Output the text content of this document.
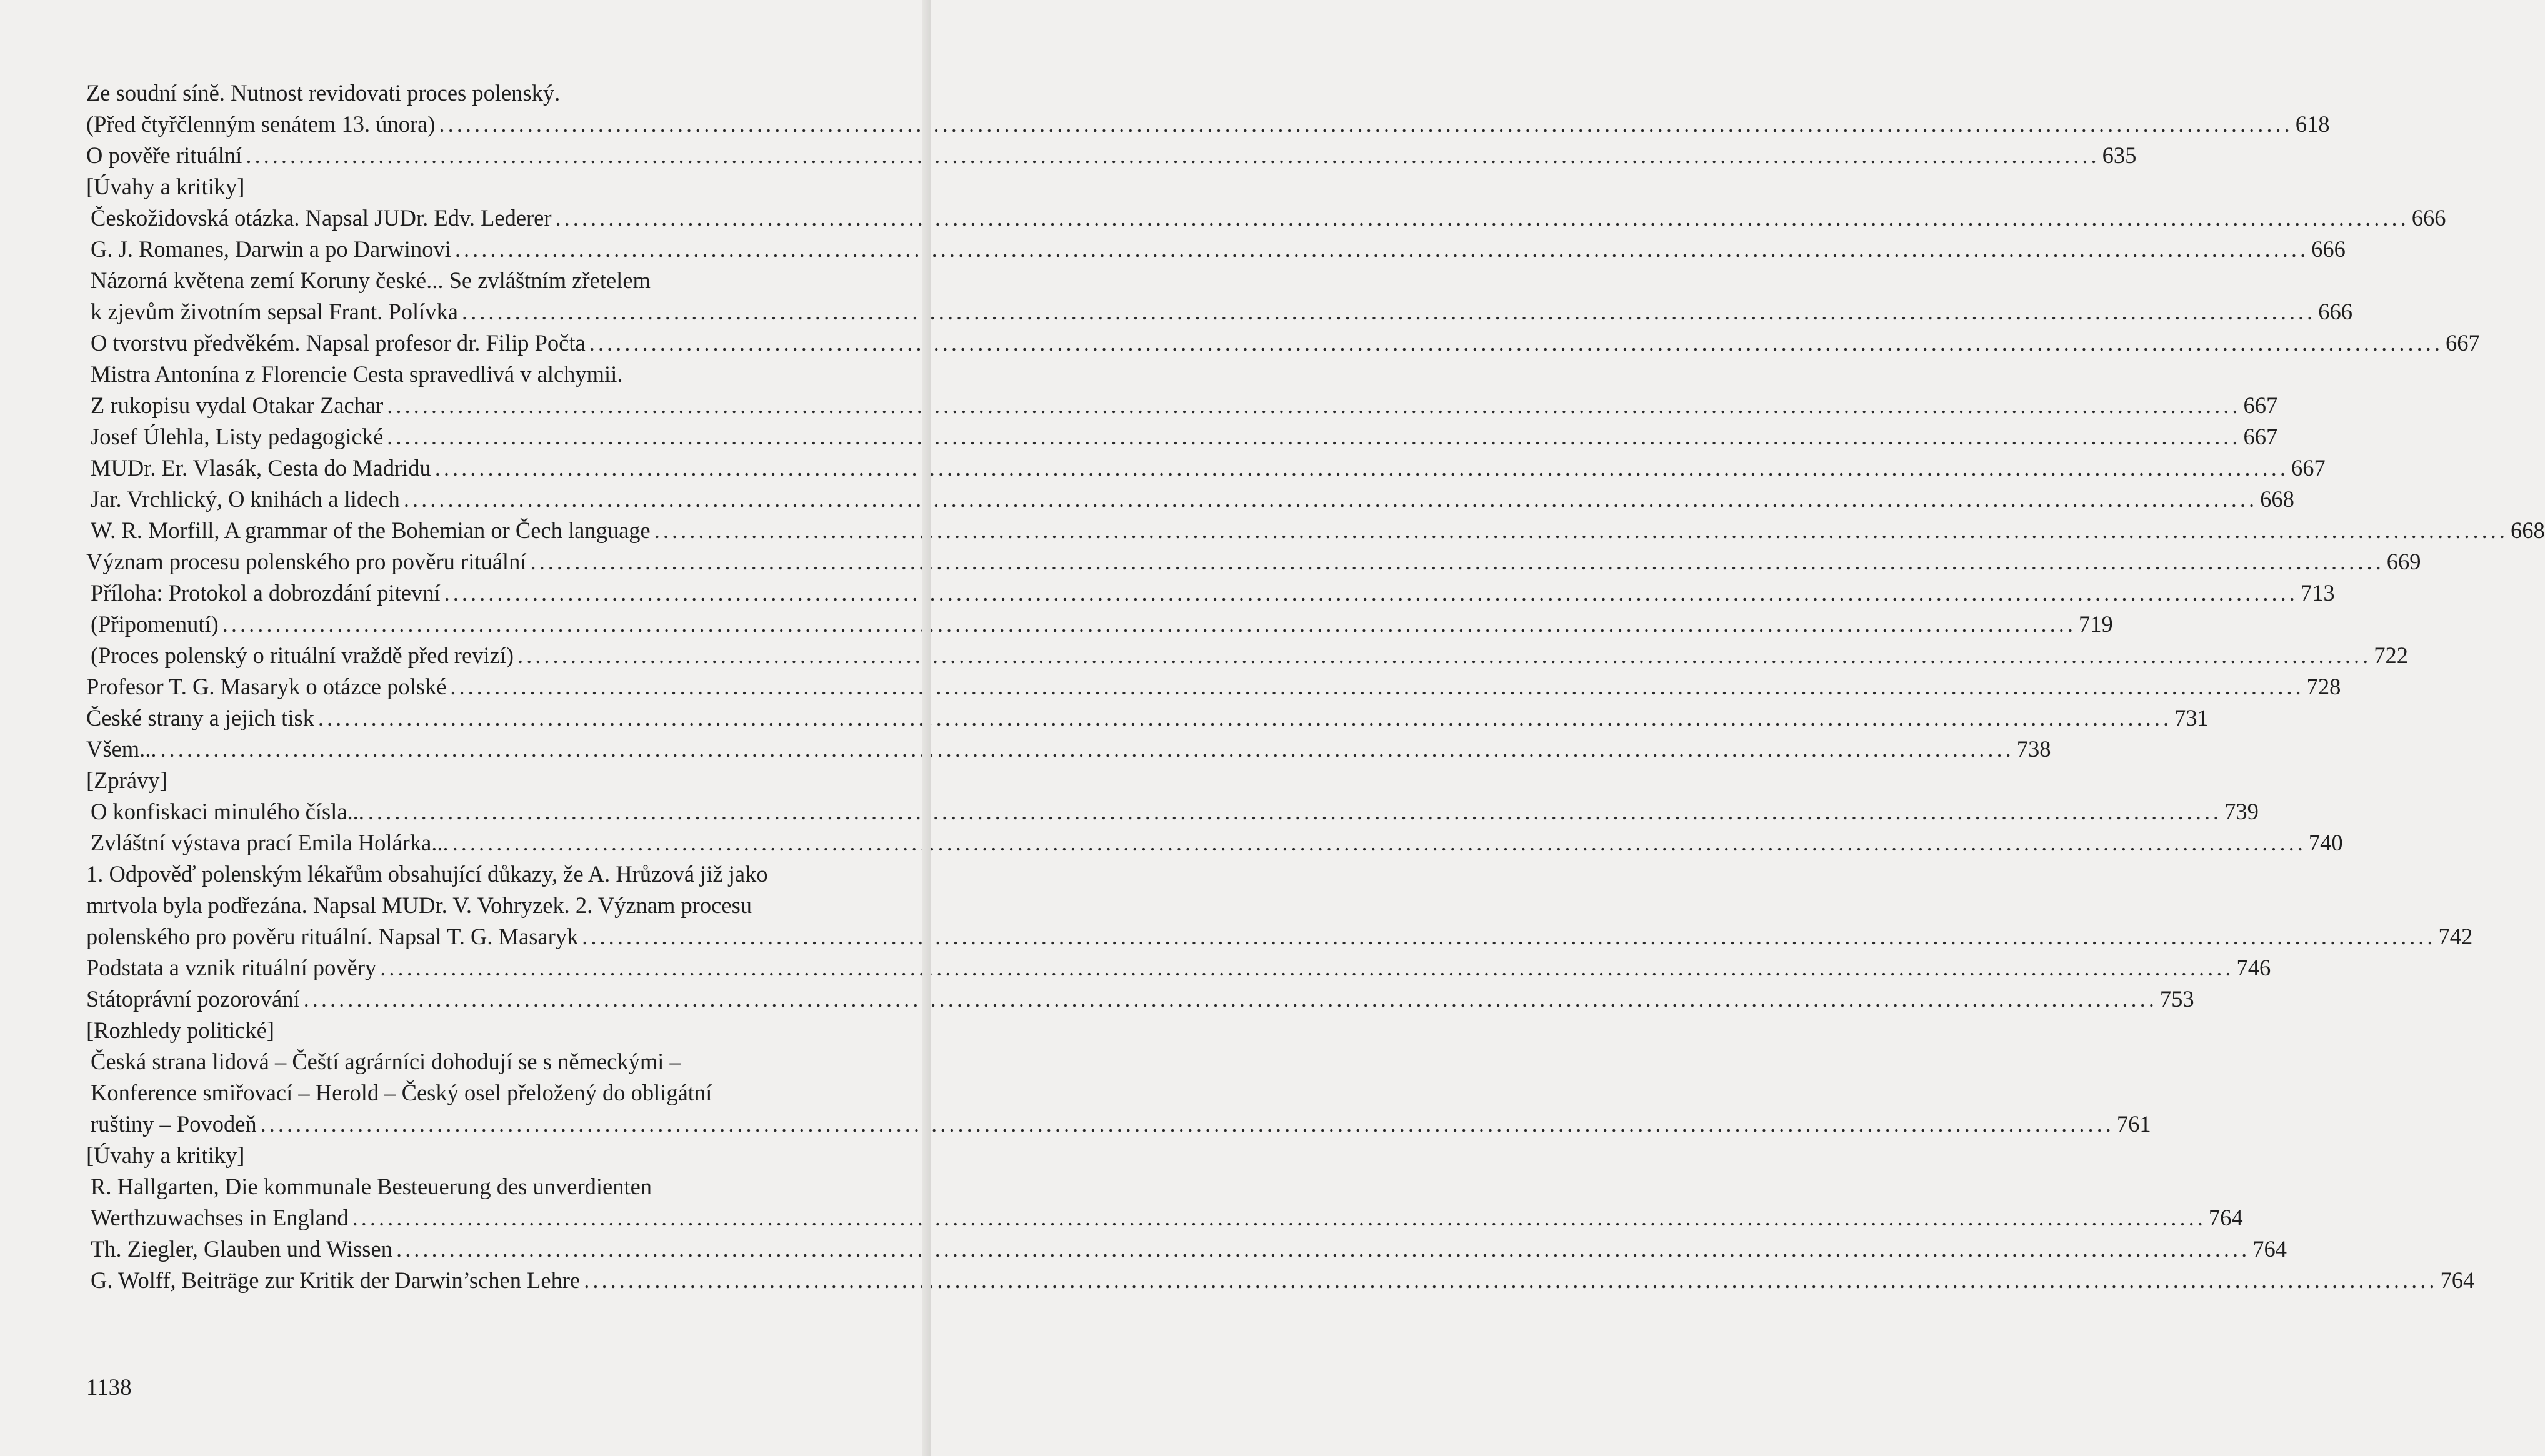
Ze soudní síně. Nutnost revidovati proces polenský.
(Před čtyřčlenným senátem 13. února) .....	618
O pověře rituální .....	635
[Úvahy a kritiky]
Českožidovská otázka. Napsal JUDr. Edv. Lederer .....	666
G. J. Romanes, Darwin a po Darwinovi .....	666
Názorná květena zemí Koruny české... Se zvláštním zřetelem
k zjevům životním sepsal Frant. Polívka .....	666
O tvorstvu předvěkém. Napsal profesor dr. Filip Počta .....	667
Mistra Antonína z Florencie Cesta spravedlivá v alchymii.
Z rukopisu vydal Otakar Zachar .....	667
Josef Úlehla, Listy pedagogické .....	667
MUDr. Er. Vlasák, Cesta do Madridu .....	667
Jar. Vrchlický, O knihách a lidech .....	668
W. R. Morfill, A grammar of the Bohemian or Čech language .....	668
Význam procesu polenského pro pověru rituální .....	669
Příloha: Protokol a dobrozdání pitevní .....	713
(Připomenutí) .....	719
(Proces polenský o rituální vraždě před revizí) .....	722
Profesor T. G. Masaryk o otázce polské .....	728
České strany a jejich tisk .....	731
Všem... .....	738
[Zprávy]
O konfiskaci minulého čísla... .....	739
Zvláštní výstava prací Emila Holárka... .....	740
1. Odpověď polenským lékařům obsahující důkazy, že A. Hrůzová již jako
mrtvola byla podřezána. Napsal MUDr. V. Vohryzek. 2. Význam procesu
polenského pro pověru rituální. Napsal T. G. Masaryk .....	742
Podstata a vznik rituální pověry .....	746
Státoprávní pozorování .....	753
[Rozhledy politické]
Česká strana lidová – Čeští agrárníci dohodují se s německými –
Konference smiřovací – Herold – Český osel přeložený do obligátní
ruštiny – Povodeň .....	761
[Úvahy a kritiky]
R. Hallgarten, Die kommunale Besteuerung des unverdienten
Werthzuwachses in England .....	764
Th. Ziegler, Glauben und Wissen .....	764
G. Wolff, Beiträge zur Kritik der Darwin’schen Lehre .....	764
1138
